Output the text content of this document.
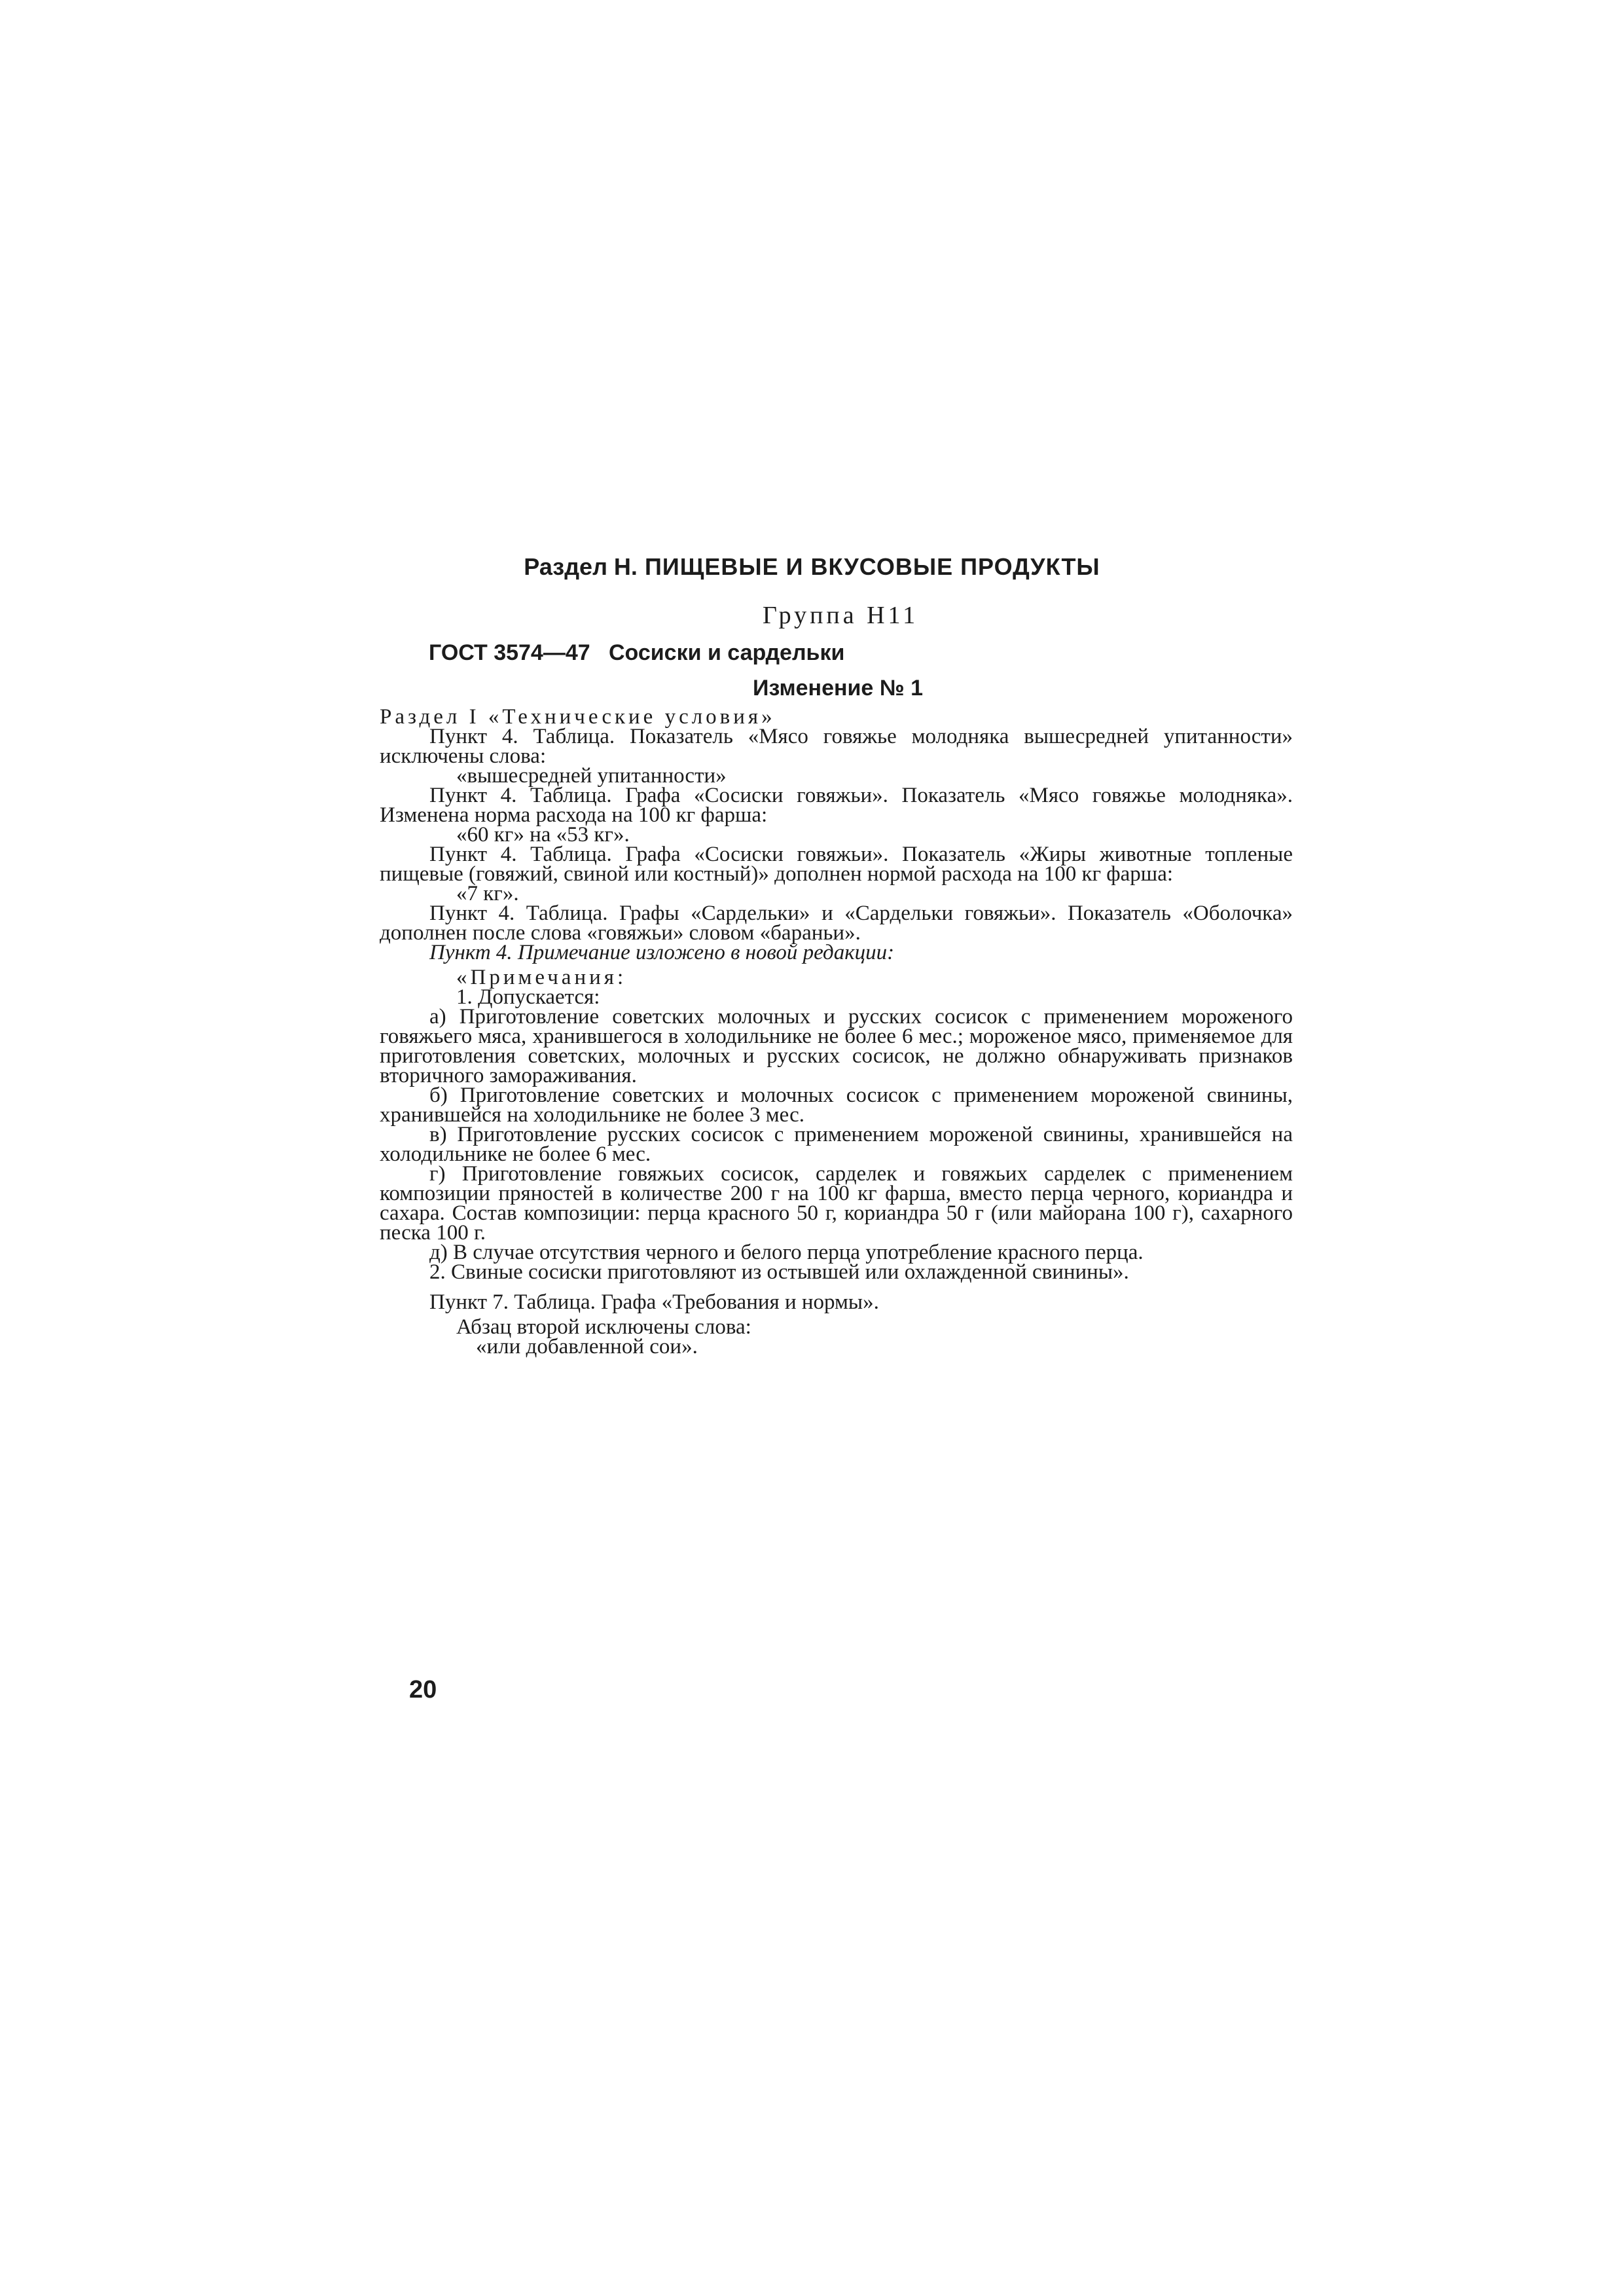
Раздел Н. ПИЩЕВЫЕ И ВКУСОВЫЕ ПРОДУКТЫ
Группа Н11
ГОСТ 3574—47 Сосиски и сардельки
Изменение № 1

Раздел I «Технические условия»

Пункт 4. Таблица. Показатель «Мясо говяжье молодняка вышесредней упитанности» исключены слова:

«вышесредней упитанности»

Пункт 4. Таблица. Графа «Сосиски говяжьи». Показатель «Мясо говяжье молодняка». Изменена норма расхода на 100 кг фарша:

«60 кг» на «53 кг».

Пункт 4. Таблица. Графа «Сосиски говяжьи». Показатель «Жиры животные топленые пищевые (говяжий, свиной или костный)» дополнен нормой расхода на 100 кг фарша:

«7 кг».

Пункт 4. Таблица. Графы «Сардельки» и «Сардельки говяжьи». Показатель «Оболочка» дополнен после слова «говяжьи» словом «бараньи».

Пункт 4. Примечание изложено в новой редакции:

«Примечания:

1. Допускается:

а) Приготовление советских молочных и русских сосисок с применением мороженого говяжьего мяса, хранившегося в холодильнике не более 6 мес.; мороженое мясо, применяемое для приготовления советских, молочных и русских сосисок, не должно обнаруживать признаков вторичного замораживания.

б) Приготовление советских и молочных сосисок с применением мороженой свинины, хранившейся на холодильнике не более 3 мес.

в) Приготовление русских сосисок с применением мороженой свинины, хранившейся на холодильнике не более 6 мес.

г) Приготовление говяжьих сосисок, сарделек и говяжьих сарделек с применением композиции пряностей в количестве 200 г на 100 кг фарша, вместо перца черного, кориандра и сахара. Состав композиции: перца красного 50 г, кориандра 50 г (или майорана 100 г), сахарного песка 100 г.

д) В случае отсутствия черного и белого перца употребление красного перца.

2. Свиные сосиски приготовляют из остывшей или охлажденной свинины».

Пункт 7. Таблица. Графа «Требования и нормы».

Абзац второй исключены слова:

«или добавленной сои».

20
